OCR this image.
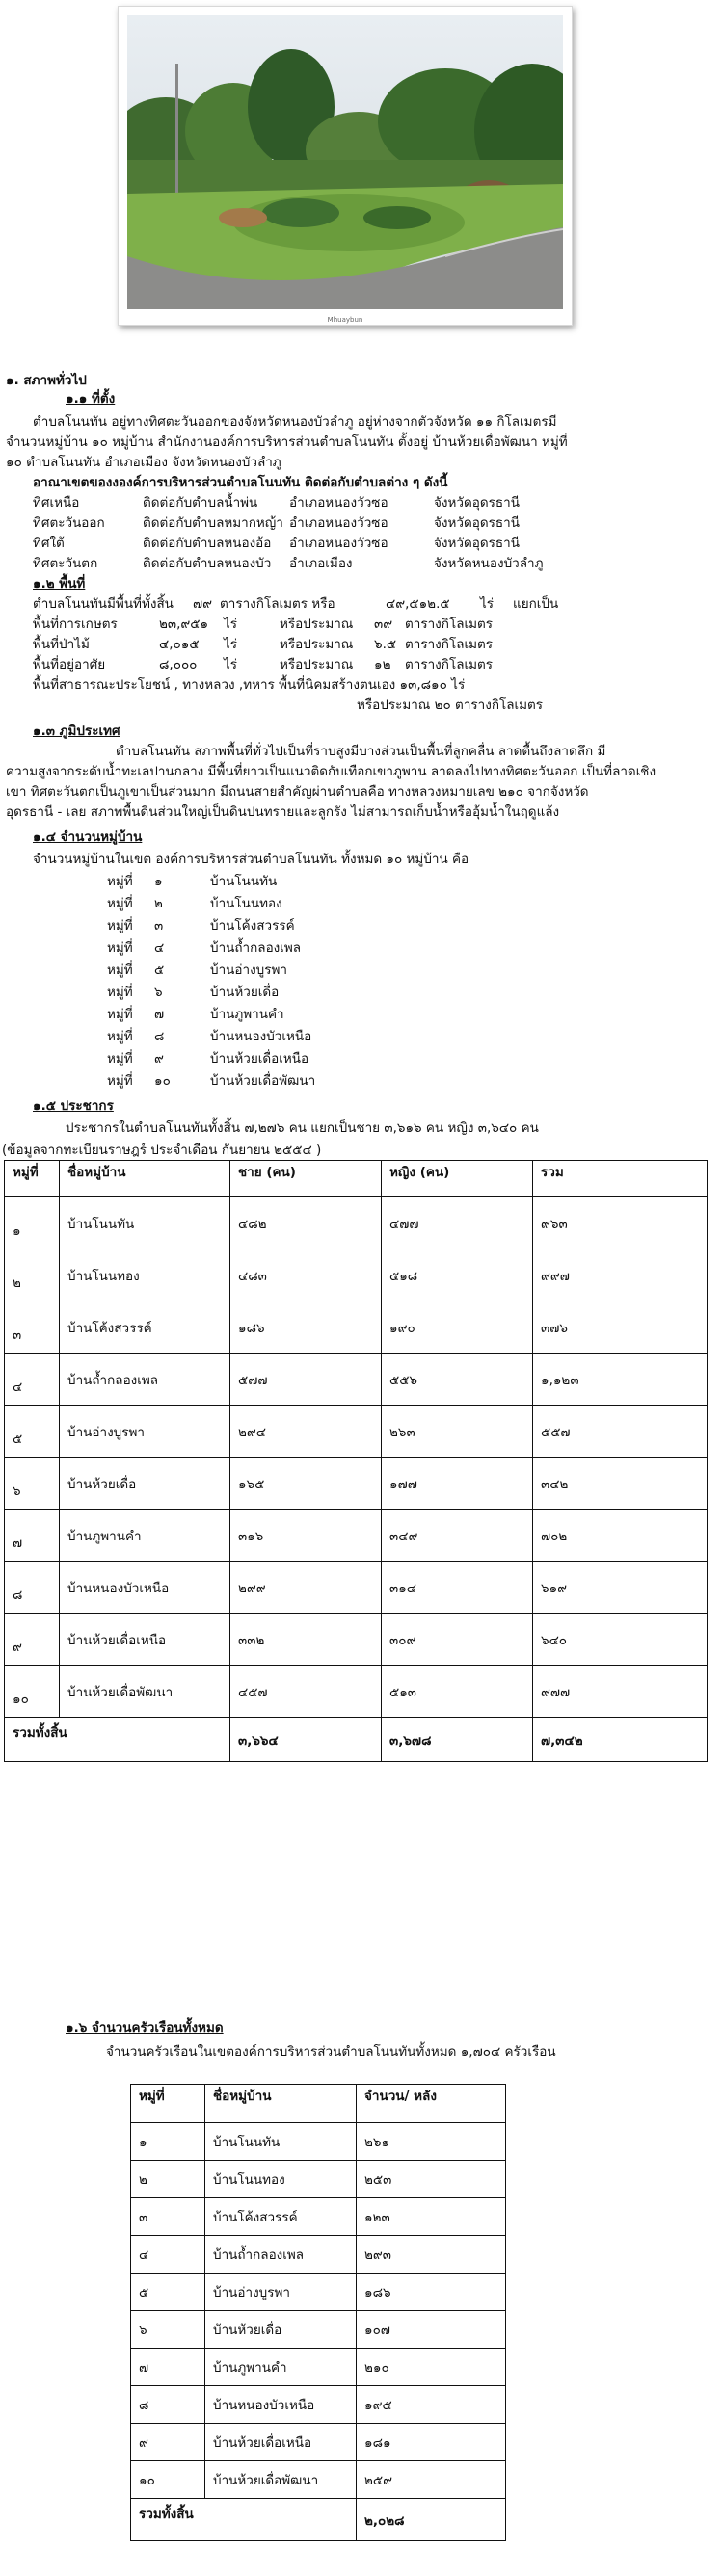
Mhuaybun
๑. สภาพทั่วไป
๑.๑ ที่ตั้ง
ตำบลโนนทัน อยู่ทางทิศตะวันออกของจังหวัดหนองบัวลำภู อยู่ห่างจากตัวจังหวัด ๑๑ กิโลเมตรมี
จำนวนหมู่บ้าน ๑๐ หมู่บ้าน สำนักงานองค์การบริหารส่วนตำบลโนนทัน ตั้งอยู่ บ้านห้วยเดื่อพัฒนา หมู่ที่
๑๐ ตำบลโนนทัน อำเภอเมือง จังหวัดหนองบัวลำภู
อาณาเขตของงองค์การบริหารส่วนตำบลโนนทัน ติดต่อกับตำบลต่าง ๆ ดังนี้
ทิศเหนือ	ติดต่อกับตำบลน้ำพ่น อำเภอหนองวัวซอ	จังหวัดอุดรธานี
ทิศตะวันออก	ติดต่อกับตำบลหมากหญ้า อำเภอหนองวัวซอ	จังหวัดอุดรธานี
ทิศใต้	ติดต่อกับตำบลหนองอ้อ อำเภอหนองวัวซอ	จังหวัดอุดรธานี
ทิศตะวันตก	ติดต่อกับตำบลหนองบัว อำเภอเมือง	จังหวัดหนองบัวลำภู
๑.๒ พื้นที่
ตำบลโนนทันมีพื้นที่ทั้งสิ้น ๗๙ ตารางกิโลเมตร หรือ	๔๙,๕๑๒.๕ ไร่ แยกเป็น
พื้นที่การเกษตร	๒๓,๙๕๑ ไร่	หรือประมาณ ๓๙ ตารางกิโลเมตร
พื้นที่ป่าไม้	๔,๐๑๕ ไร่	หรือประมาณ ๖.๕ ตารางกิโลเมตร
พื้นที่อยู่อาศัย	๘,๐๐๐ ไร่	หรือประมาณ ๑๒ ตารางกิโลเมตร
พื้นที่สาธารณะประโยชน์ , ทางหลวง ,ทหาร พื้นที่นิคมสร้างตนเอง ๑๓,๘๑๐ ไร่
หรือประมาณ ๒๐ ตารางกิโลเมตร
๑.๓ ภูมิประเทศ
ตำบลโนนทัน สภาพพื้นที่ทั่วไปเป็นที่ราบสูงมีบางส่วนเป็นพื้นที่ลูกคลื่น ลาดตื้นถึงลาดลึก มี
ความสูงจากระดับน้ำทะเลปานกลาง มีพื้นที่ยาวเป็นแนวติดกับเทือกเขาภูพาน ลาดลงไปทางทิศตะวันออก เป็นที่ลาดเชิง
เขา ทิศตะวันตกเป็นภูเขาเป็นส่วนมาก มีถนนสายสำคัญผ่านตำบลคือ ทางหลวงหมายเลข ๒๑๐ จากจังหวัด
อุดรธานี - เลย สภาพพื้นดินส่วนใหญ่เป็นดินปนทรายและลูกรัง ไม่สามารถเก็บน้ำหรืออุ้มน้ำในฤดูแล้ง
๑.๔ จำนวนหมู่บ้าน
จำนวนหมู่บ้านในเขต องค์การบริหารส่วนตำบลโนนทัน ทั้งหมด ๑๐ หมู่บ้าน คือ
หมู่ที่ ๑	บ้านโนนทัน
หมู่ที่ ๒	บ้านโนนทอง
หมู่ที่ ๓	บ้านโค้งสวรรค์
หมู่ที่ ๔	บ้านถ้ำกลองเพล
หมู่ที่ ๕	บ้านอ่างบูรพา
หมู่ที่ ๖	บ้านห้วยเดื่อ
หมู่ที่ ๗	บ้านภูพานคำ
หมู่ที่ ๘	บ้านหนองบัวเหนือ
หมู่ที่ ๙	บ้านห้วยเดื่อเหนือ
หมู่ที่ ๑๐	บ้านห้วยเดื่อพัฒนา
๑.๕ ประชากร
ประชากรในตำบลโนนทันทั้งสิ้น ๗,๒๗๖ คน แยกเป็นชาย ๓,๖๑๖ คน หญิง ๓,๖๔๐ คน
(ข้อมูลจากทะเบียนราษฎร์ ประจำเดือน กันยายน ๒๕๕๔ )
หมู่ที่	ชื่อหมู่บ้าน	ชาย (คน)	หญิง (คน)	รวม
๑	บ้านโนนทัน	๔๘๒	๔๗๗	๙๖๓
๒	บ้านโนนทอง	๔๘๓	๕๑๘	๙๙๗
๓	บ้านโค้งสวรรค์	๑๘๖	๑๙๐	๓๗๖
๔	บ้านถ้ำกลองเพล	๕๗๗	๕๕๖	๑,๑๒๓
๕	บ้านอ่างบูรพา	๒๙๔	๒๖๓	๕๕๗
๖	บ้านห้วยเดื่อ	๑๖๕	๑๗๗	๓๔๒
๗	บ้านภูพานคำ	๓๑๖	๓๔๙	๗๐๒
๘	บ้านหนองบัวเหนือ	๒๙๙	๓๑๔	๖๑๙
๙	บ้านห้วยเดื่อเหนือ	๓๓๒	๓๐๙	๖๔๐
๑๐	บ้านห้วยเดื่อพัฒนา	๔๕๗	๕๑๓	๙๗๗
รวมทั้งสิ้น		๓,๖๖๔	๓,๖๗๘	๗,๓๔๒
๑.๖ จำนวนครัวเรือนทั้งหมด
จำนวนครัวเรือนในเขตองค์การบริหารส่วนตำบลโนนทันทั้งหมด ๑,๗๐๔ ครัวเรือน
หมู่ที่	ชื่อหมู่บ้าน	จำนวน/ หลัง
๑	บ้านโนนทัน	๒๖๑
๒	บ้านโนนทอง	๒๕๓
๓	บ้านโค้งสวรรค์	๑๒๓
๔	บ้านถ้ำกลองเพล	๒๙๓
๕	บ้านอ่างบูรพา	๑๘๖
๖	บ้านห้วยเดื่อ	๑๐๗
๗	บ้านภูพานคำ	๒๑๐
๘	บ้านหนองบัวเหนือ	๑๙๕
๙	บ้านห้วยเดื่อเหนือ	๑๘๑
๑๐	บ้านห้วยเดื่อพัฒนา	๒๕๙
รวมทั้งสิ้น		๒,๐๒๘
